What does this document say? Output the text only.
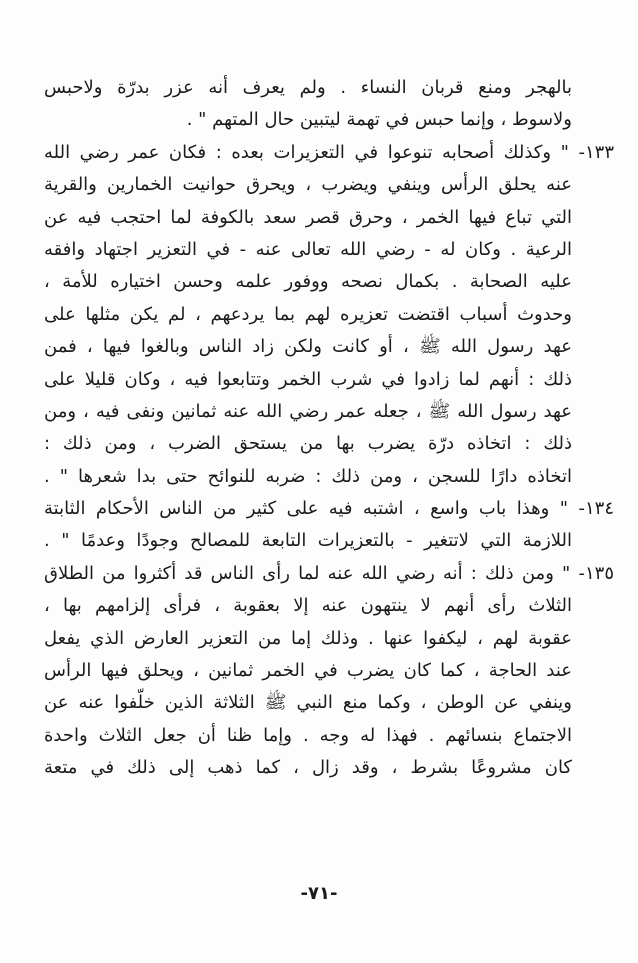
بالهجر ومنع قربان النساء . ولم يعرف أنه عزر بدرّة ولاحبس
ولاسوط ، وإنما حبس في تهمة ليتبين حال المتهم " .
١٣٣- " وكذلك أصحابه تنوعوا في التعزيرات بعده : فكان عمر رضي الله
عنه يحلق الرأس وينفي ويضرب ، ويحرق حوانيت الخمارين والقرية
التي تباع فيها الخمر ، وحرق قصر سعد بالكوفة لما احتجب فيه عن
الرعية . وكان له - رضي الله تعالى عنه - في التعزير اجتهاد وافقه
عليه الصحابة . بكمال نصحه ووفور علمه وحسن اختياره للأمة ،
وحدوث أسباب اقتضت تعزيره لهم بما يردعهم ، لم يكن مثلها على
عهد رسول الله ﷺ ، أو كانت ولكن زاد الناس وبالغوا فيها ، فمن
ذلك : أنهم لما زادوا في شرب الخمر وتتابعوا فيه ، وكان قليلا على
عهد رسول الله ﷺ ، جعله عمر رضي الله عنه ثمانين ونفى فيه ، ومن
ذلك : اتخاذه درّة يضرب بها من يستحق الضرب ، ومن ذلك :
اتخاذه دارًا للسجن ، ومن ذلك : ضربه للنوائح حتى بدا شعرها " .
١٣٤- " وهذا باب واسع ، اشتبه فيه على كثير من الناس الأحكام الثابتة
اللازمة التي لاتتغير - بالتعزيرات التابعة للمصالح وجودًا وعدمًا " .
١٣٥- " ومن ذلك : أنه رضي الله عنه لما رأى الناس قد أكثروا من الطلاق
الثلاث رأى أنهم لا ينتهون عنه إلا بعقوبة ، فرأى إلزامهم بها ،
عقوبة لهم ، ليكفوا عنها . وذلك إما من التعزير العارض الذي يفعل
عند الحاجة ، كما كان يضرب في الخمر ثمانين ، ويحلق فيها الرأس
وينفي عن الوطن ، وكما منع النبي ﷺ الثلاثة الذين خلّفوا عنه عن
الاجتماع بنسائهم . فهذا له وجه . وإما ظنا أن جعل الثلاث واحدة
كان مشروعًا بشرط ، وقد زال ، كما ذهب إلى ذلك في متعة
-٧١-
